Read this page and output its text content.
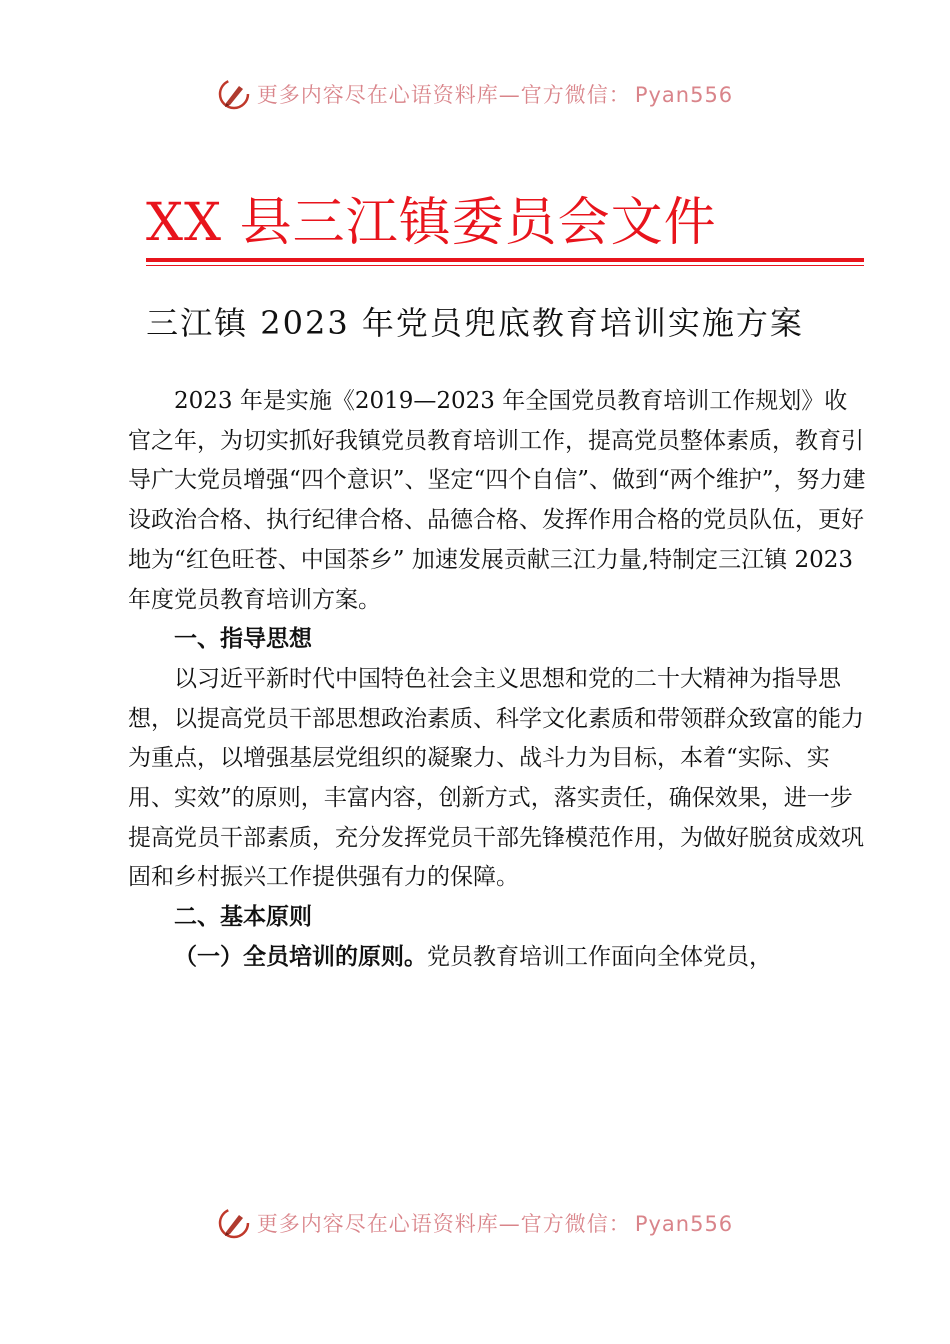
更多内容尽在心语资料库—官方微信： Pyan556
XX 县三江镇委员会文件
三江镇 2023 年党员兜底教育培训实施方案

2023 年是实施《2019—2023 年全国党员教育培训工作规划》收官之年，为切实抓好我镇党员教育培训工作，提高党员整体素质，教育引导广大党员增强“四个意识”、坚定“四个自信”、做到“两个维护”，努力建设政治合格、执行纪律合格、品德合格、发挥作用合格的党员队伍，更好地为“红色旺苍、中国茶乡” 加速发展贡献三江力量,特制定三江镇 2023 年度党员教育培训方案。

一、指导思想

以习近平新时代中国特色社会主义思想和党的二十大精神为指导思想，以提高党员干部思想政治素质、科学文化素质和带领群众致富的能力为重点，以增强基层党组织的凝聚力、战斗力为目标，本着“实际、实用、实效”的原则，丰富内容，创新方式，落实责任，确保效果，进一步提高党员干部素质，充分发挥党员干部先锋模范作用，为做好脱贫成效巩固和乡村振兴工作提供强有力的保障。

二、基本原则

（一）全员培训的原则。党员教育培训工作面向全体党员，

更多内容尽在心语资料库—官方微信： Pyan556
